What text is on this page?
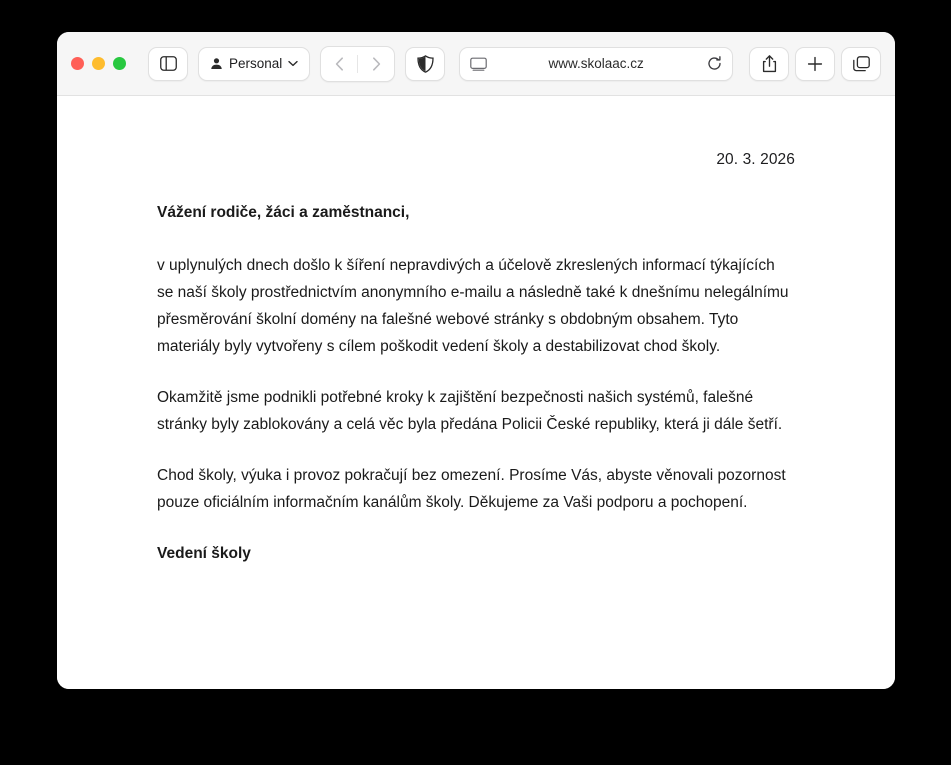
Personal	www.skolaac.cz
20. 3. 2026

Vážení rodiče, žáci a zaměstnanci,

v uplynulých dnech došlo k šíření nepravdivých a účelově zkreslených informací týkajících se naší školy prostřednictvím anonymního e-mailu a následně také k dnešnímu nelegálnímu přesměrování školní domény na falešné webové stránky s obdobným obsahem. Tyto materiály byly vytvořeny s cílem poškodit vedení školy a destabilizovat chod školy.

Okamžitě jsme podnikli potřebné kroky k zajištění bezpečnosti našich systémů, falešné stránky byly zablokovány a celá věc byla předána Policii České republiky, která ji dále šetří.

Chod školy, výuka i provoz pokračují bez omezení. Prosíme Vás, abyste věnovali pozornost pouze oficiálním informačním kanálům školy. Děkujeme za Vaši podporu a pochopení.

Vedení školy
